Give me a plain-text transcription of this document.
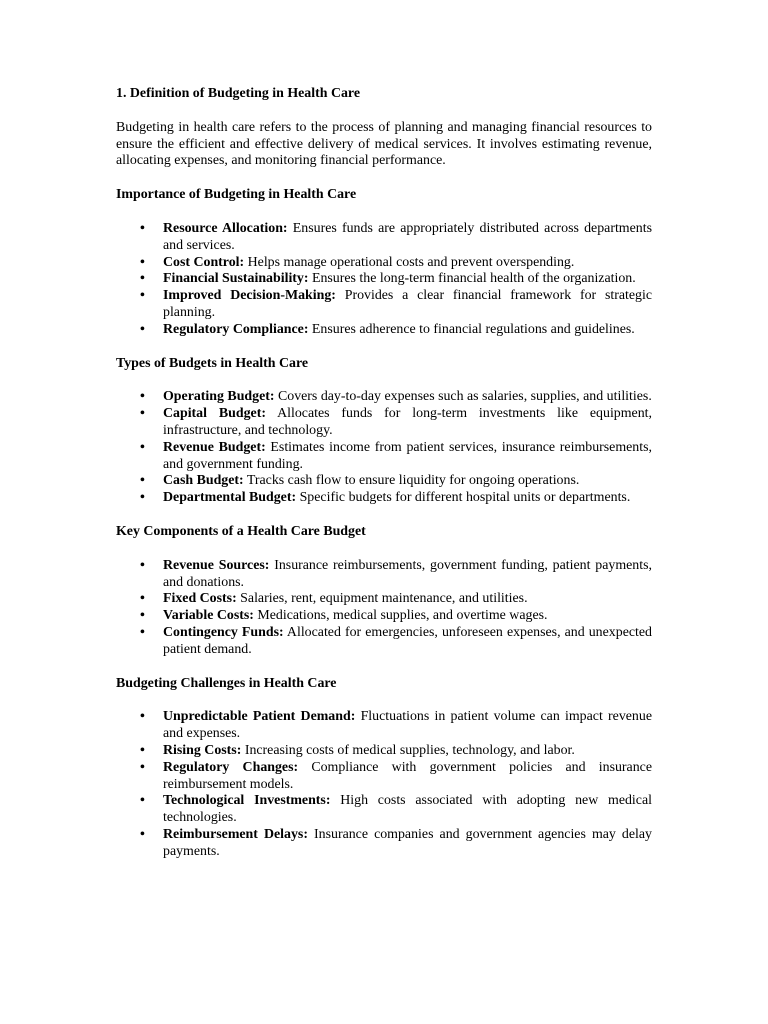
1. Definition of Budgeting in Health Care

Budgeting in health care refers to the process of planning and managing financial resources to ensure the efficient and effective delivery of medical services. It involves estimating revenue, allocating expenses, and monitoring financial performance.

Importance of Budgeting in Health Care
• Resource Allocation: Ensures funds are appropriately distributed across departments and services.
• Cost Control: Helps manage operational costs and prevent overspending.
• Financial Sustainability: Ensures the long-term financial health of the organization.
• Improved Decision-Making: Provides a clear financial framework for strategic planning.
• Regulatory Compliance: Ensures adherence to financial regulations and guidelines.
Types of Budgets in Health Care
• Operating Budget: Covers day-to-day expenses such as salaries, supplies, and utilities.
• Capital Budget: Allocates funds for long-term investments like equipment, infrastructure, and technology.
• Revenue Budget: Estimates income from patient services, insurance reimbursements, and government funding.
• Cash Budget: Tracks cash flow to ensure liquidity for ongoing operations.
• Departmental Budget: Specific budgets for different hospital units or departments.
Key Components of a Health Care Budget
• Revenue Sources: Insurance reimbursements, government funding, patient payments, and donations.
• Fixed Costs: Salaries, rent, equipment maintenance, and utilities.
• Variable Costs: Medications, medical supplies, and overtime wages.
• Contingency Funds: Allocated for emergencies, unforeseen expenses, and unexpected patient demand.
Budgeting Challenges in Health Care
• Unpredictable Patient Demand: Fluctuations in patient volume can impact revenue and expenses.
• Rising Costs: Increasing costs of medical supplies, technology, and labor.
• Regulatory Changes: Compliance with government policies and insurance reimbursement models.
• Technological Investments: High costs associated with adopting new medical technologies.
• Reimbursement Delays: Insurance companies and government agencies may delay payments.
